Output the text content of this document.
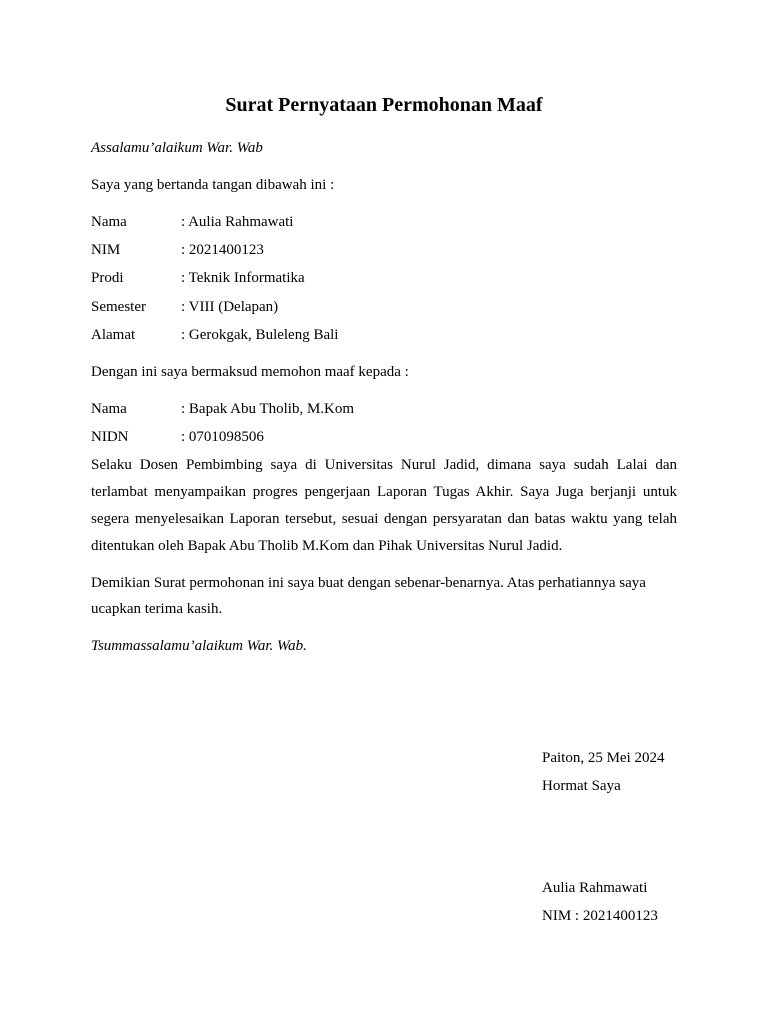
Surat Pernyataan Permohonan Maaf
Assalamu’alaikum War. Wab
Saya yang bertanda tangan dibawah ini :
Nama	: Aulia Rahmawati
NIM	: 2021400123
Prodi	: Teknik Informatika
Semester : VIII (Delapan)
Alamat	: Gerokgak, Buleleng Bali
Dengan ini saya bermaksud memohon maaf kepada :
Nama	: Bapak Abu Tholib, M.Kom
NIDN	: 0701098506
Selaku Dosen Pembimbing saya di Universitas Nurul Jadid, dimana saya sudah Lalai dan
terlambat menyampaikan progres pengerjaan Laporan Tugas Akhir. Saya Juga berjanji untuk
segera menyelesaikan Laporan tersebut, sesuai dengan persyaratan dan batas waktu yang telah
ditentukan oleh Bapak Abu Tholib M.Kom dan Pihak Universitas Nurul Jadid.
Demikian Surat permohonan ini saya buat dengan sebenar-benarnya. Atas perhatiannya saya
ucapkan terima kasih.
Tsummassalamu’alaikum War. Wab.
Paiton, 25 Mei 2024
Hormat Saya
Aulia Rahmawati
NIM : 2021400123
